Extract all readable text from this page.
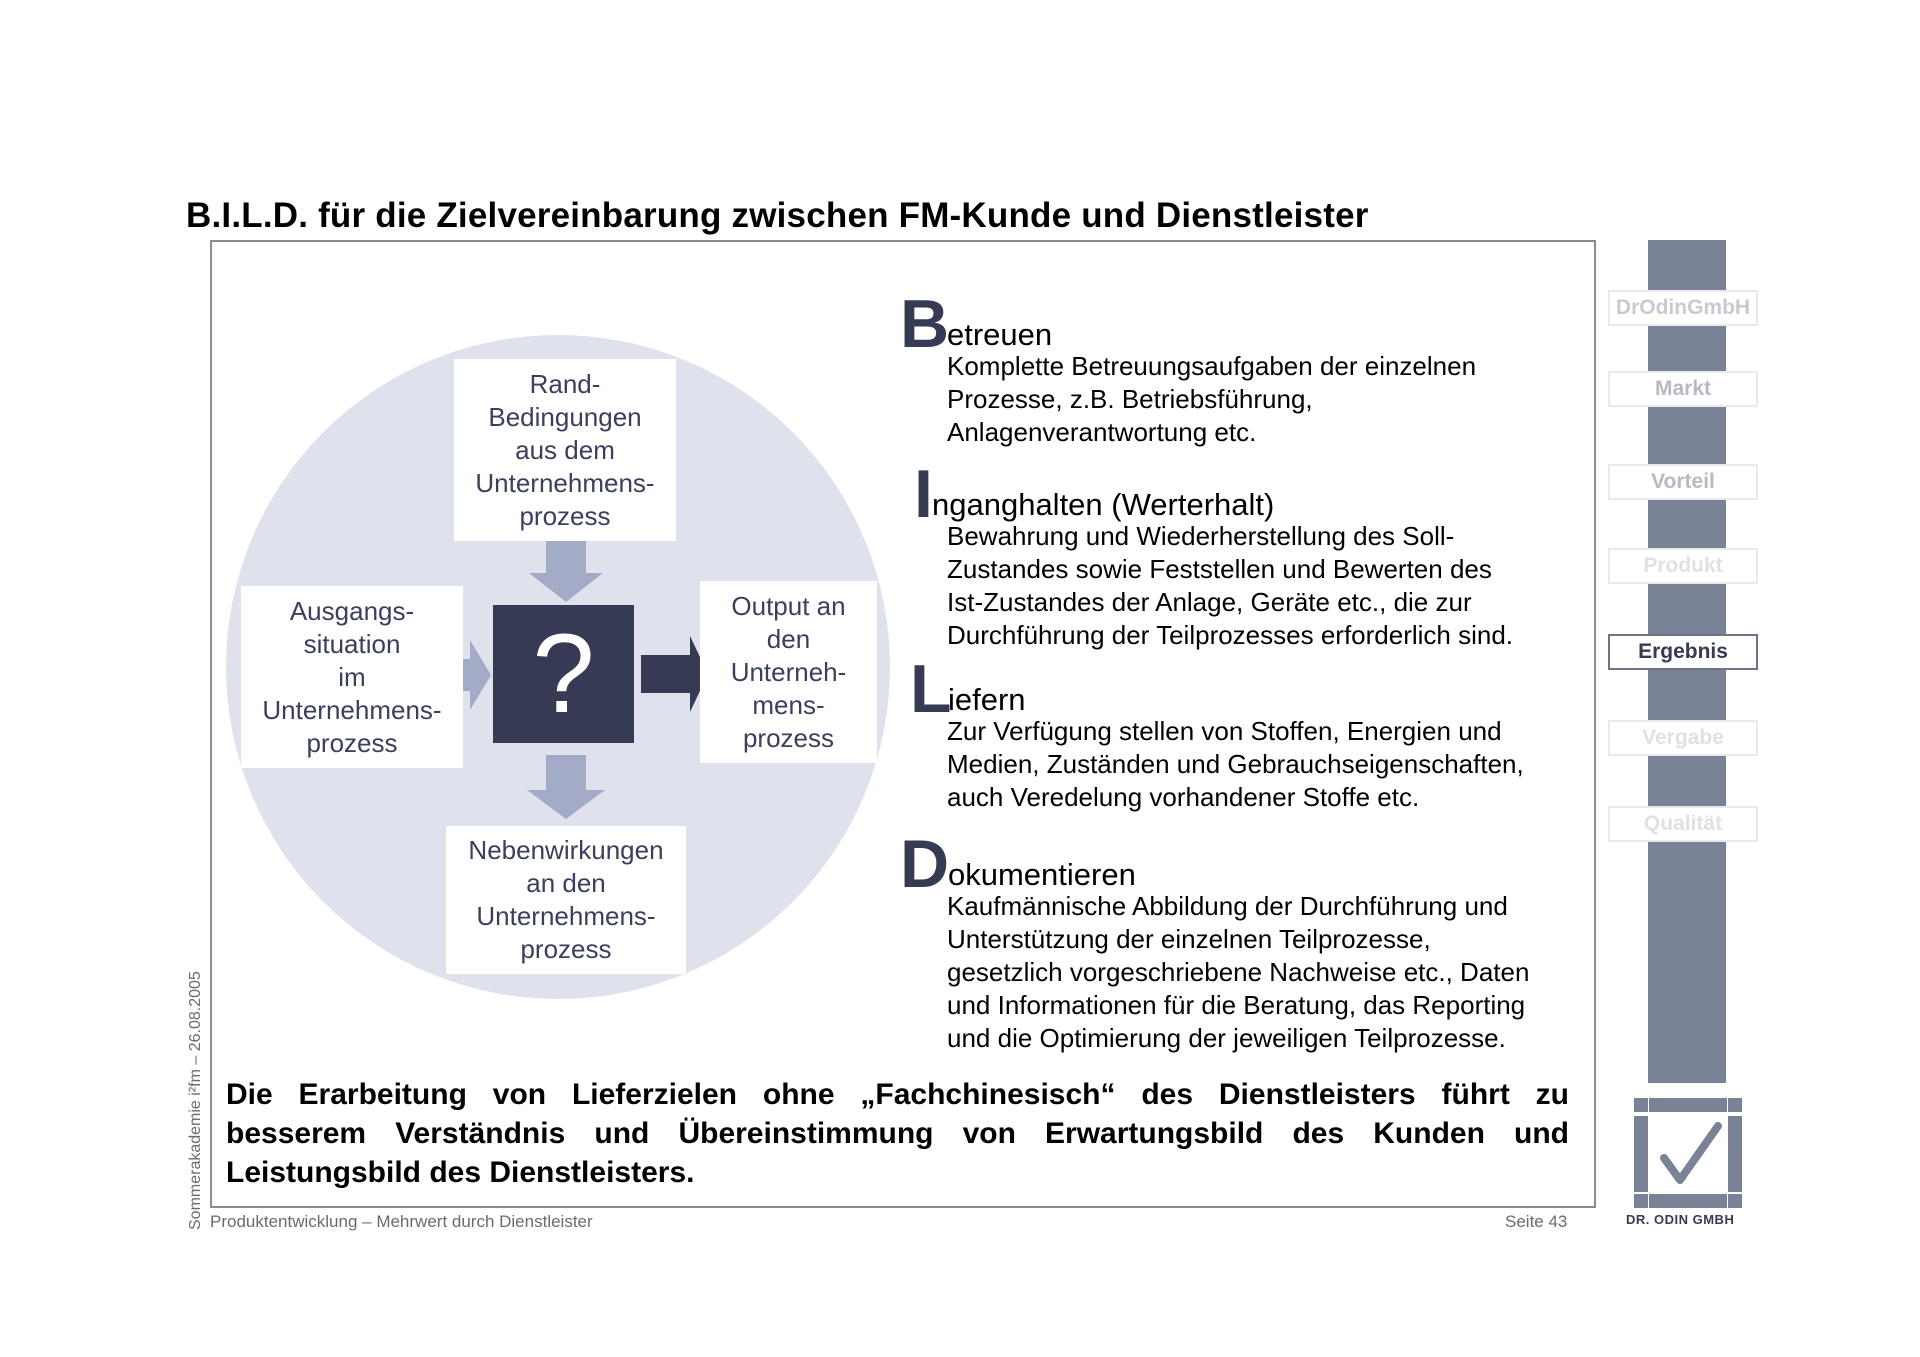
B.I.L.D. für die Zielvereinbarung zwischen FM-Kunde und Dienstleister
Rand-
Bedingungen
aus dem
Unternehmens-
prozess
Ausgangs-
situation
im
Unternehmens-
prozess
Output an
den
Unterneh-
mens-
prozess
Nebenwirkungen
an den
Unternehmens-
prozess
?
B
etreuen
Komplette Betreuungsaufgaben der einzelnen
Prozesse, z.B. Betriebsführung,
Anlagenverantwortung etc.
I nganghalten (Werterhalt)
Bewahrung und Wiederherstellung des Soll-
Zustandes sowie Feststellen und Bewerten des
Ist-Zustandes der Anlage, Geräte etc., die zur
Durchführung der Teilprozesses erforderlich sind.
L
iefern
Zur Verfügung stellen von Stoffen, Energien und
Medien, Zuständen und Gebrauchseigenschaften,
auch Veredelung vorhandener Stoffe etc.
D
okumentieren
Kaufmännische Abbildung der Durchführung und
Unterstützung der einzelnen Teilprozesse,
gesetzlich vorgeschriebene Nachweise etc., Daten
und Informationen für die Beratung, das Reporting
und die Optimierung der jeweiligen Teilprozesse.
Die Erarbeitung von Lieferzielen ohne „Fachchinesisch“ des Dienstleisters führt zu
besserem Verständnis und Übereinstimmung von Erwartungsbild des Kunden und
Leistungsbild des Dienstleisters.
Produktentwicklung – Mehrwert durch Dienstleister	Seite 43
Sommerakademie i²fm – 26.08.2005
DrOdinGmbH
Markt
Vorteil
Produkt
Ergebnis
Vergabe
Qualität
DR. ODIN GMBH
